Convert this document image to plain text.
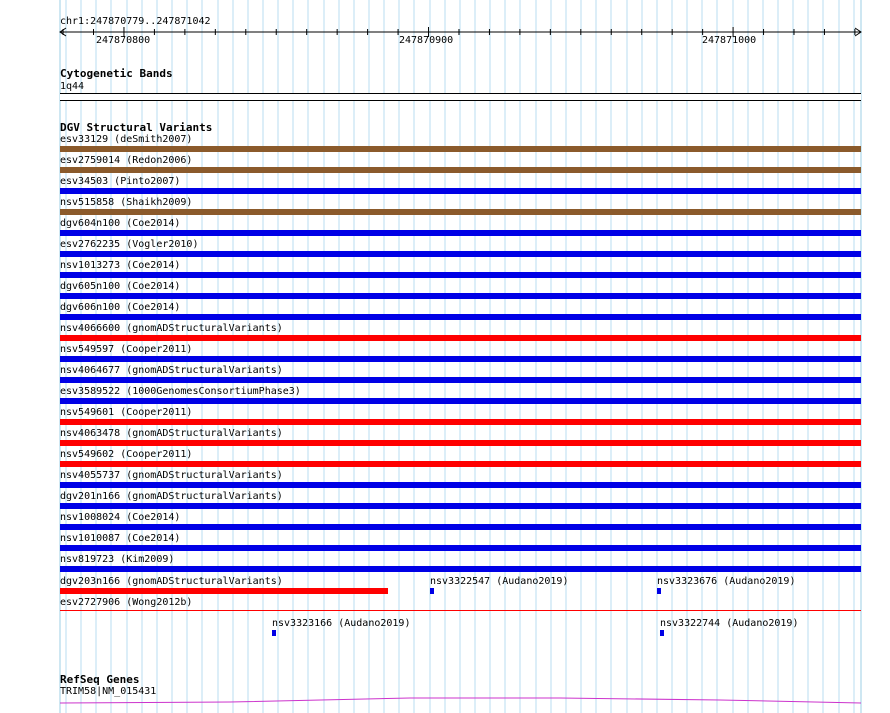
chr1:247870779..247871042
247870800	247870900	247871000
Cytogenetic Bands
1q44
DGV Structural Variants
esv33129 (deSmith2007)
esv2759014 (Redon2006)
esv34503 (Pinto2007)
nsv515858 (Shaikh2009)
dgv604n100 (Coe2014)
esv2762235 (Vogler2010)
nsv1013273 (Coe2014)
dgv605n100 (Coe2014)
dgv606n100 (Coe2014)
nsv4066600 (gnomADStructuralVariants)
nsv549597 (Cooper2011)
nsv4064677 (gnomADStructuralVariants)
esv3589522 (1000GenomesConsortiumPhase3)
nsv549601 (Cooper2011)
nsv4063478 (gnomADStructuralVariants)
nsv549602 (Cooper2011)
nsv4055737 (gnomADStructuralVariants)
dgv201n166 (gnomADStructuralVariants)
nsv1008024 (Coe2014)
nsv1010087 (Coe2014)
nsv819723 (Kim2009)
dgv203n166 (gnomADStructuralVariants)
esv2727906 (Wong2012b)
nsv3322547 (Audano2019)	nsv3323676 (Audano2019)
nsv3323166 (Audano2019)	nsv3322744 (Audano2019)
RefSeq Genes
TRIM58|NM_015431
